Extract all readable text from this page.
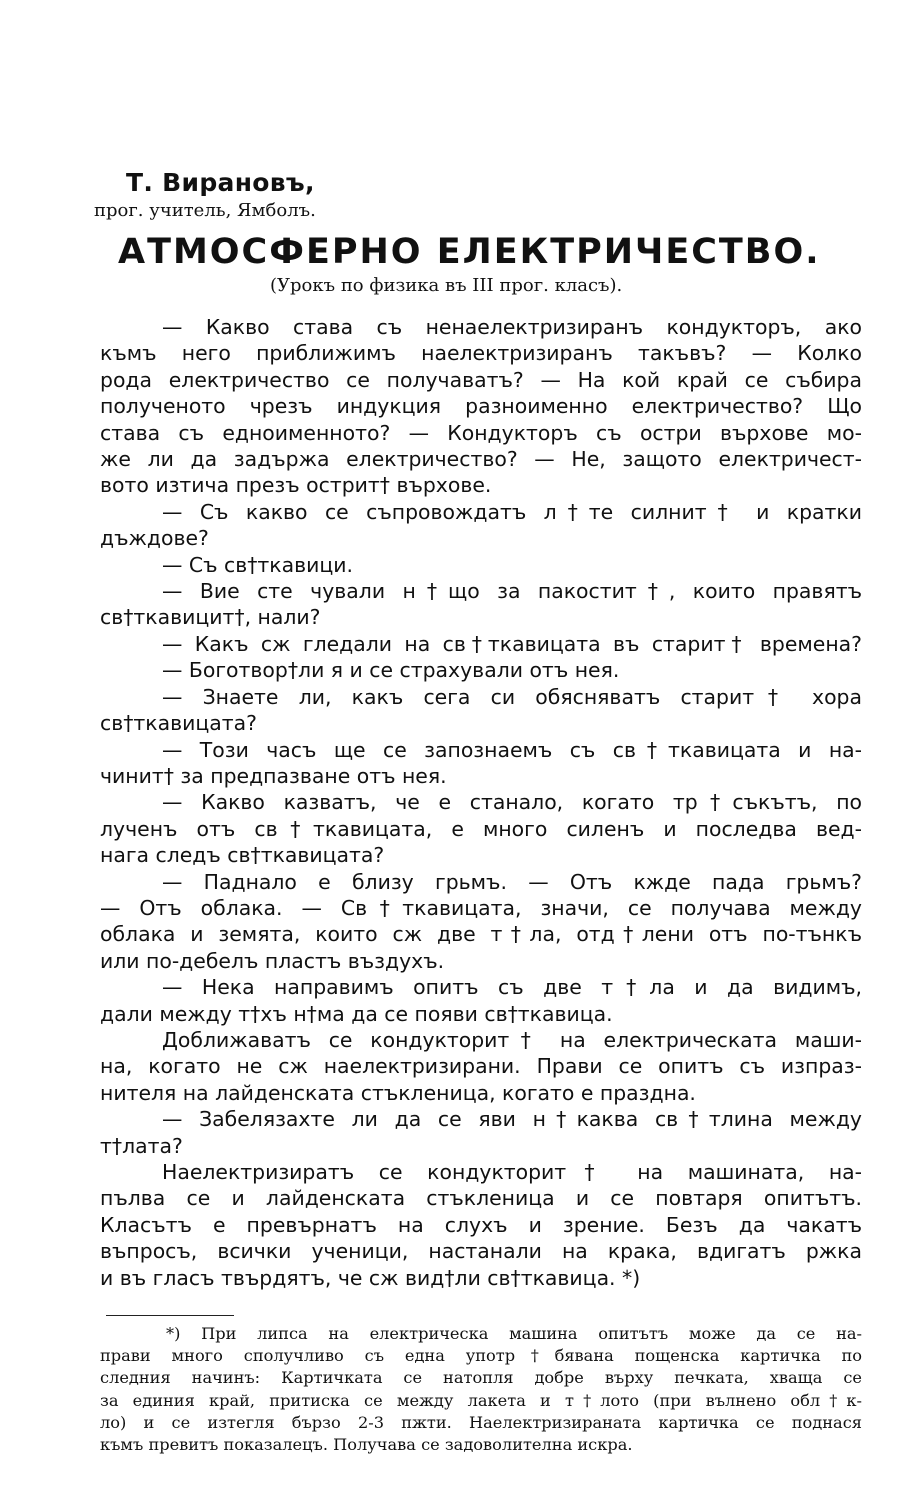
Т. Вирановъ,
прог. учитель, Ямболъ.
АТМОСФЕРНО ЕЛЕКТРИЧЕСТВО.
(Урокъ по физика въ III прог. класъ).
— Какво става съ ненаелектризиранъ кондукторъ, ако
къмъ него приближимъ наелектризиранъ такъвъ? — Колко
рода електричество се получаватъ? — На кой край се събира
полученото чрезъ индукция разноименно електричество? Що
става съ едноименното? — Кондукторъ съ остри върхове мо-
же ли да задържа електричество? — Не, защото електричест-
вото изтича презъ острит† върхове.
— Съ какво се съпровождатъ л†те силнит† и кратки
дъждове?
— Съ св†ткавици.
— Вие сте чували н†що за пакостит†, които правятъ
св†ткавицит†, нали?
— Какъ сж гледали на св†ткавицата въ старит† времена?
— Боготвор†ли я и се страхували отъ нея.
— Знаете ли, какъ сега си обясняватъ старит† хора
св†ткавицата?
— Този часъ ще се запознаемъ съ св†ткавицата и на-
чинит† за предпазване отъ нея.
— Какво казватъ, че е станало, когато тр†съкътъ, по
лученъ отъ св†ткавицата, е много силенъ и последва вед-
нага следъ св†ткавицата?
— Паднало е близу грьмъ. — Отъ кжде пада грьмъ?
— Отъ облака. — Св†ткавицата, значи, се получава между
облака и земята, които сж две т†ла, отд†лени отъ по-тънкъ
или по-дебелъ пластъ въздухъ.
— Нека направимъ опитъ съ две т†ла и да видимъ,
дали между т†хъ н†ма да се появи св†ткавица.
Доближаватъ се кондукторит† на електрическата маши-
на, когато не сж наелектризирани. Прави се опитъ съ изпраз-
нителя на лайденската стъкленица, когато е праздна.
— Забелязахте ли да се яви н†каква св†тлина между
т†лата?
Наелектризиратъ се кондукторит† на машината, на-
пълва се и лайденската стъкленица и се повтаря опитътъ.
Класътъ е превърнатъ на слухъ и зрение. Безъ да чакатъ
въпросъ, всички ученици, настанали на крака, вдигатъ ржка
и въ гласъ твърдятъ, че сж вид†ли св†ткавица. *)
*) При липса на електрическа машина опитътъ може да се на-
прави много сполучливо съ една употр†бявана пощенска картичка по
следния начинъ: Картичката се натопля добре върху печката, хваща се
за единия край, притиска се между лакета и т†лото (при вълнено обл†к-
ло) и се изтегля бързо 2-3 пжти. Наелектризираната картичка се поднася
къмъ превитъ показалецъ. Получава се задоволителна искра.
